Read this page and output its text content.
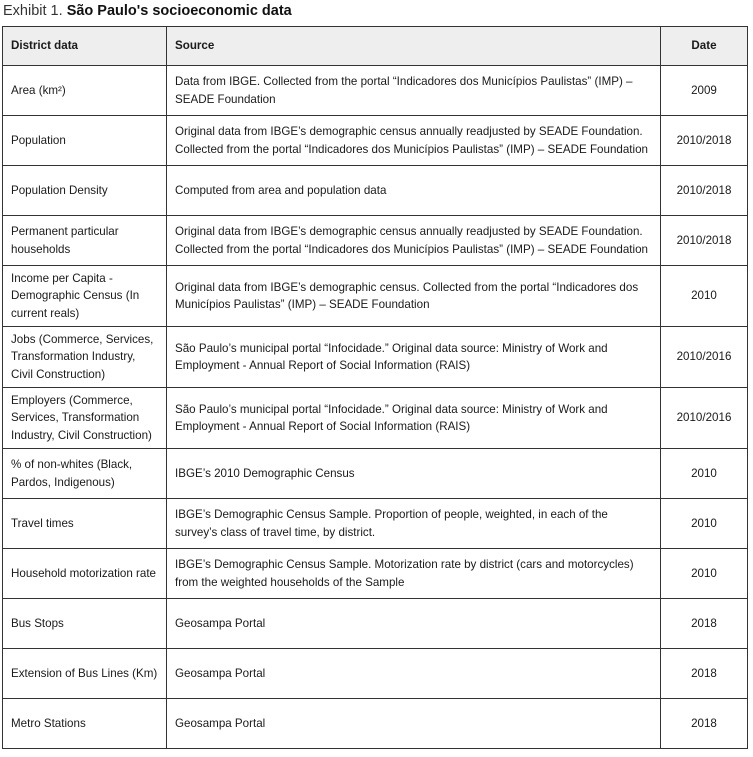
Exhibit 1. São Paulo's socioeconomic data
District data	Source	Date
Area (km²)	Data from IBGE. Collected from the portal “Indicadores dos Municípios Paulistas” (IMP) – SEADE Foundation	2009
Population	Original data from IBGE’s demographic census annually readjusted by SEADE Foundation. Collected from the portal “Indicadores dos Municípios Paulistas” (IMP) – SEADE Foundation	2010/2018
Population Density	Computed from area and population data	2010/2018
Permanent particular households	Original data from IBGE’s demographic census annually readjusted by SEADE Foundation. Collected from the portal “Indicadores dos Municípios Paulistas” (IMP) – SEADE Foundation	2010/2018
Income per Capita - Demographic Census (In current reals)	Original data from IBGE’s demographic census. Collected from the portal “Indicadores dos Municípios Paulistas” (IMP) – SEADE Foundation	2010
Jobs (Commerce, Services, Transformation Industry, Civil Construction)	São Paulo’s municipal portal “Infocidade.” Original data source: Ministry of Work and Employment - Annual Report of Social Information (RAIS)	2010/2016
Employers (Commerce, Services, Transformation Industry, Civil Construction)	São Paulo’s municipal portal “Infocidade.” Original data source: Ministry of Work and Employment - Annual Report of Social Information (RAIS)	2010/2016
% of non-whites (Black, Pardos, Indigenous)	IBGE’s 2010 Demographic Census	2010
Travel times	IBGE’s Demographic Census Sample. Proportion of people, weighted, in each of the survey’s class of travel time, by district.	2010
Household motorization rate	IBGE’s Demographic Census Sample. Motorization rate by district (cars and motorcycles) from the weighted households of the Sample	2010
Bus Stops	Geosampa Portal	2018
Extension of Bus Lines (Km)	Geosampa Portal	2018
Metro Stations	Geosampa Portal	2018
